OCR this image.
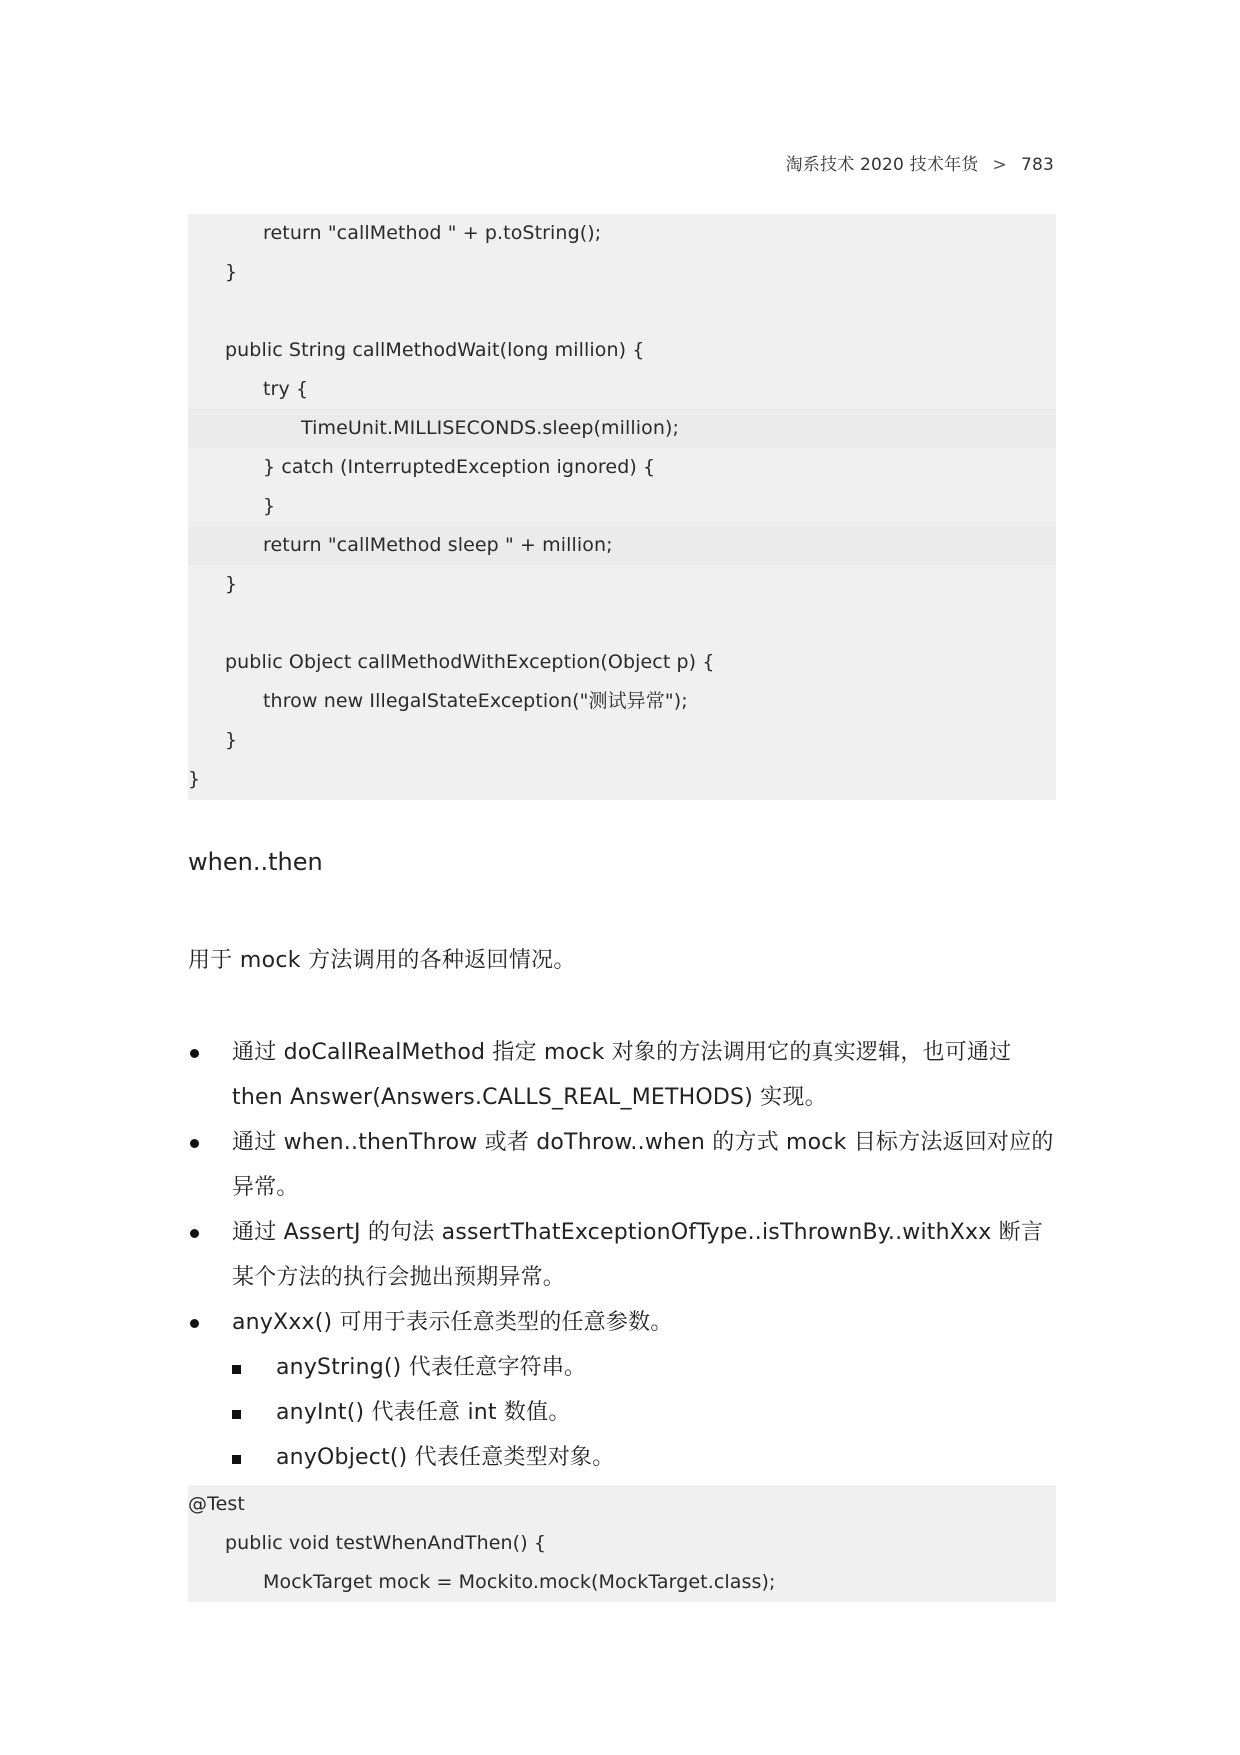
淘系技术 2020 技术年货 > 783
return "callMethod " + p.toString();
}
public String callMethodWait(long million) {
try {
TimeUnit.MILLISECONDS.sleep(million);
} catch (InterruptedException ignored) {
}
return "callMethod sleep " + million;
}
public Object callMethodWithException(Object p) {
throw new IllegalStateException("测试异常");
}
}
when..then
用于 mock 方法调用的各种返回情况。
通过 doCallRealMethod 指定 mock 对象的方法调用它的真实逻辑，也可通过 then Answer(Answers.CALLS_REAL_METHODS) 实现。
通过 when..thenThrow 或者 doThrow..when 的方式 mock 目标方法返回对应的异常。
通过 AssertJ 的句法 assertThatExceptionOfType..isThrownBy..withXxx 断言某个方法的执行会抛出预期异常。
anyXxx() 可用于表示任意类型的任意参数。
anyString() 代表任意字符串。
anyInt() 代表任意 int 数值。
anyObject() 代表任意类型对象。
@Test
public void testWhenAndThen() {
MockTarget mock = Mockito.mock(MockTarget.class);
